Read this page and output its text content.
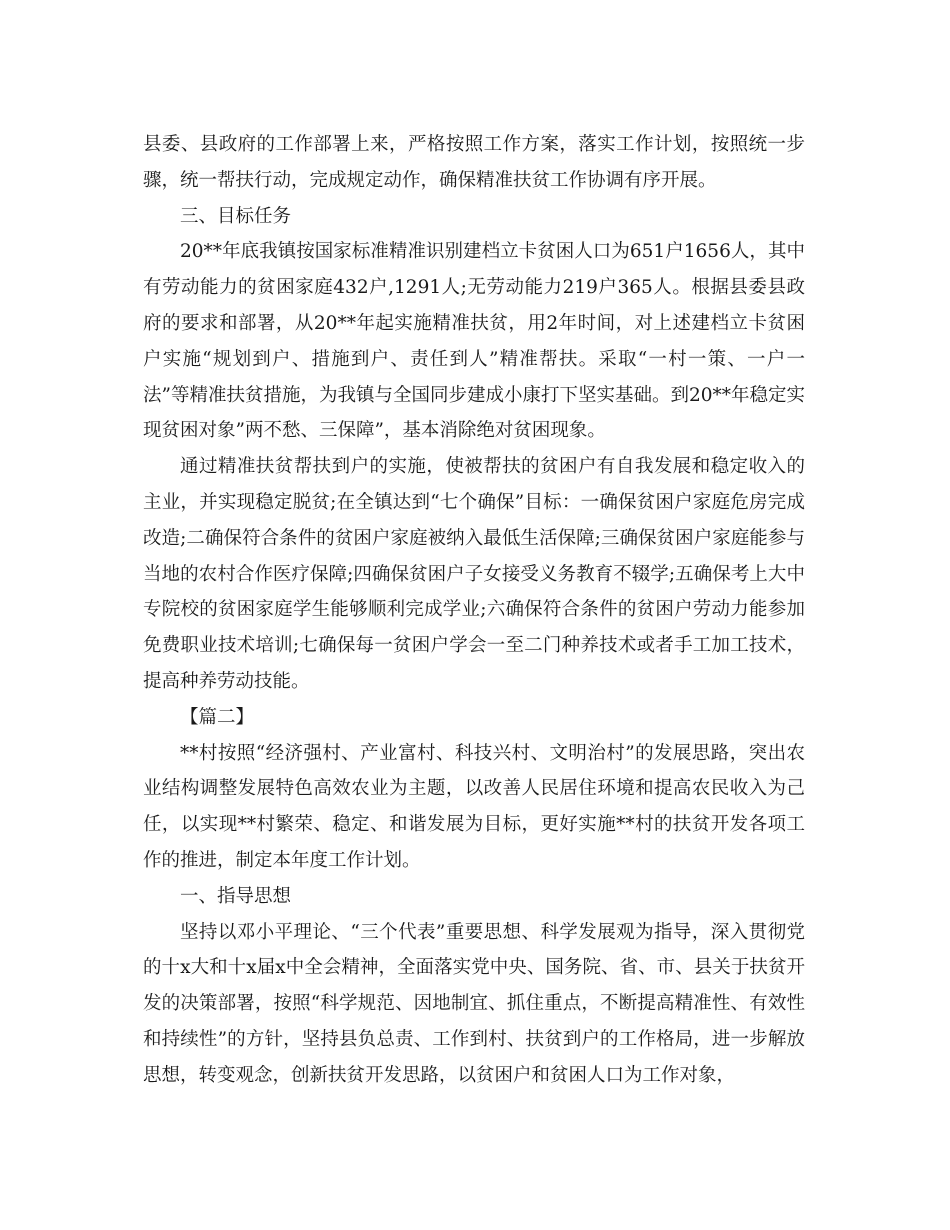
县委、县政府的工作部署上来，严格按照工作方案，落实工作计划，按照统一步骤，统一帮扶行动，完成规定动作，确保精准扶贫工作协调有序开展。

三、目标任务

20**年底我镇按国家标准精准识别建档立卡贫困人口为651户1656人，其中有劳动能力的贫困家庭432户,1291人;无劳动能力219户365人。根据县委县政府的要求和部署，从20**年起实施精准扶贫，用2年时间，对上述建档立卡贫困户实施“规划到户、措施到户、责任到人”精准帮扶。采取“一村一策、一户一法”等精准扶贫措施，为我镇与全国同步建成小康打下坚实基础。到20**年稳定实现贫困对象”两不愁、三保障”，基本消除绝对贫困现象。

通过精准扶贫帮扶到户的实施，使被帮扶的贫困户有自我发展和稳定收入的主业，并实现稳定脱贫;在全镇达到“七个确保”目标：一确保贫困户家庭危房完成改造;二确保符合条件的贫困户家庭被纳入最低生活保障;三确保贫困户家庭能参与当地的农村合作医疗保障;四确保贫困户子女接受义务教育不辍学;五确保考上大中专院校的贫困家庭学生能够顺利完成学业;六确保符合条件的贫困户劳动力能参加免费职业技术培训;七确保每一贫困户学会一至二门种养技术或者手工加工技术，提高种养劳动技能。

【篇二】

**村按照“经济强村、产业富村、科技兴村、文明治村”的发展思路，突出农业结构调整发展特色高效农业为主题，以改善人民居住环境和提高农民收入为己任，以实现**村繁荣、稳定、和谐发展为目标，更好实施**村的扶贫开发各项工作的推进，制定本年度工作计划。

一、指导思想

坚持以邓小平理论、“三个代表”重要思想、科学发展观为指导，深入贯彻党的十x大和十x届x中全会精神，全面落实党中央、国务院、省、市、县关于扶贫开发的决策部署，按照“科学规范、因地制宜、抓住重点，不断提高精准性、有效性和持续性”的方针，坚持县负总责、工作到村、扶贫到户的工作格局，进一步解放思想，转变观念，创新扶贫开发思路，以贫困户和贫困人口为工作对象，
